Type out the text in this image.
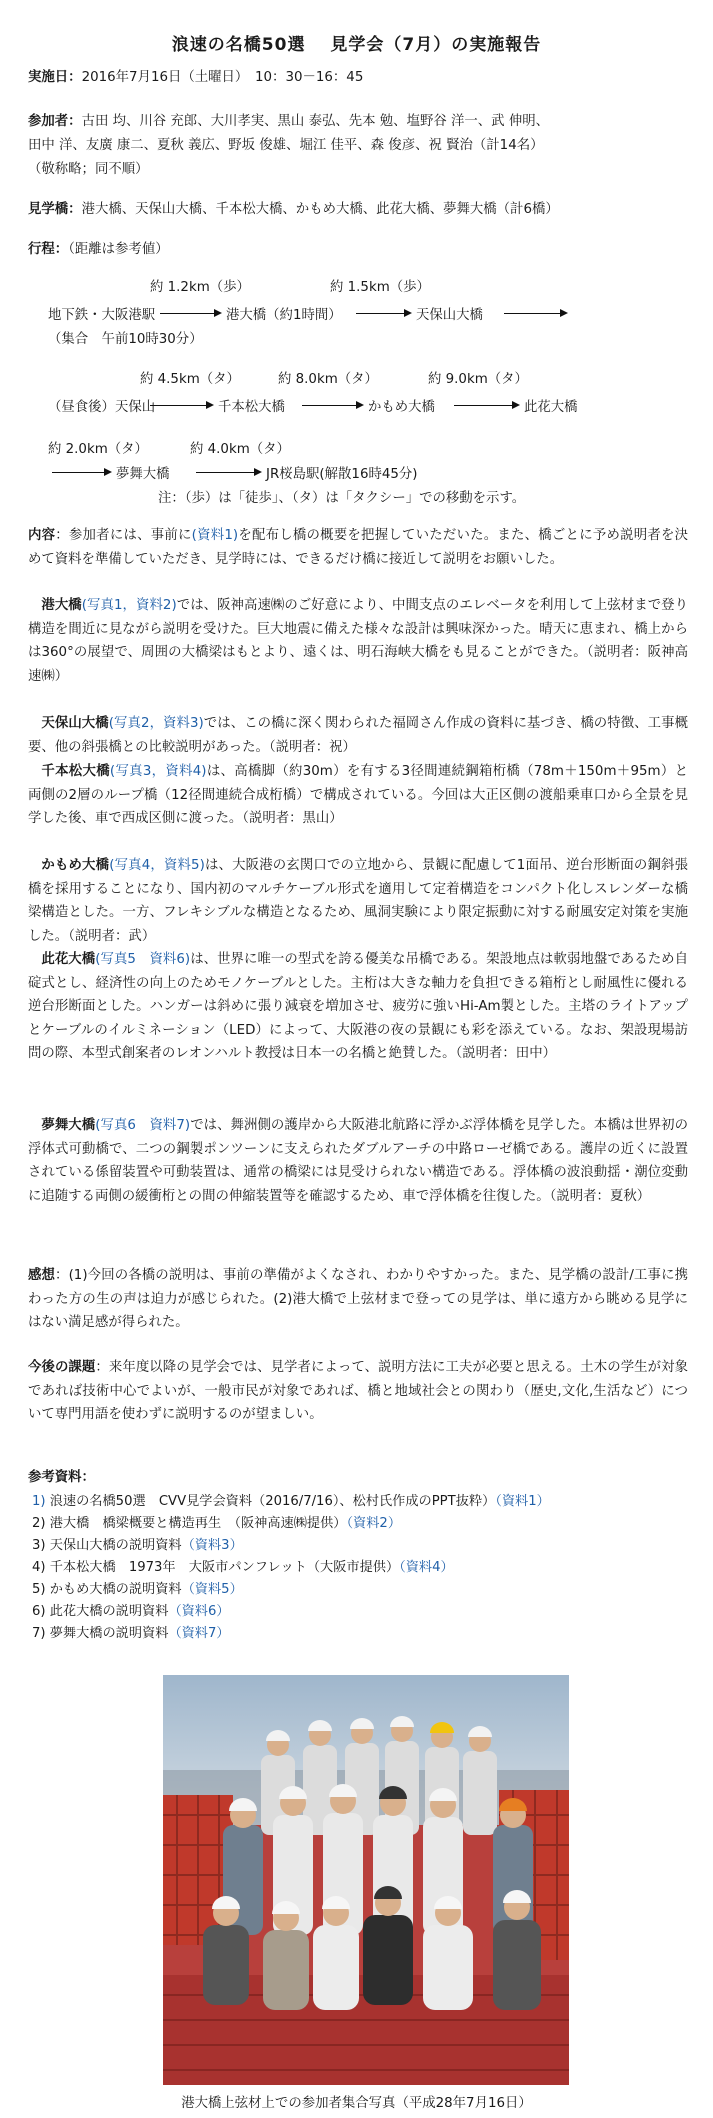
浪速の名橋50選　 見学会（7月）の実施報告
実施日：2016年7月16日（土曜日）　10：30－16：45
参加者：古田 均、川谷 充郎、大川孝実、黒山 泰弘、先本 勉、塩野谷 洋一、武 伸明、
田中 洋、友廣 康二、夏秋 義広、野坂 俊雄、堀江 佳平、森 俊彦、祝 賢治（計14名）
（敬称略；同不順）
見学橋：港大橋、天保山大橋、千本松大橋、かもめ大橋、此花大橋、夢舞大橋（計6橋）
行程：（距離は参考値）
約 1.2km（歩）	約 1.5km（歩）
地下鉄・大阪港駅	港大橋（約1時間）	天保山大橋
（集合　午前10時30分）
約 4.5km（タ）	約 8.0km（タ）	約 9.0km（タ）
（昼食後）天保山	千本松大橋	かもめ大橋	此花大橋
約 2.0km（タ）	約 4.0km（タ）
夢舞大橋	JR桜島駅(解散16時45分)
注：（歩）は「徒歩」、（タ）は「タクシー」での移動を示す。
内容：参加者には、事前に(資料1)を配布し橋の概要を把握していただいた。また、橋ごとに予め説明者を決めて資料を準備していただき、見学時には、できるだけ橋に接近して説明をお願いした。
港大橋(写真1，資料2)では、阪神高速㈱のご好意により、中間支点のエレベータを利用して上弦材まで登り構造を間近に見ながら説明を受けた。巨大地震に備えた様々な設計は興味深かった。晴天に恵まれ、橋上からは360°の展望で、周囲の大橋梁はもとより、遠くは、明石海峡大橋をも見ることができた。（説明者：阪神高速㈱）
天保山大橋(写真2，資料3)では、この橋に深く関わられた福岡さん作成の資料に基づき、橋の特徴、工事概要、他の斜張橋との比較説明があった。（説明者：祝）
千本松大橋(写真3，資料4)は、高橋脚（約30m）を有する3径間連続鋼箱桁橋（78m＋150m＋95m）と両側の2層のループ橋（12径間連続合成桁橋）で構成されている。今回は大正区側の渡船乗車口から全景を見学した後、車で西成区側に渡った。（説明者：黒山）
かもめ大橋(写真4，資料5)は、大阪港の玄関口での立地から、景観に配慮して1面吊、逆台形断面の鋼斜張橋を採用することになり、国内初のマルチケーブル形式を適用して定着構造をコンパクト化しスレンダーな橋梁構造とした。一方、フレキシブルな構造となるため、風洞実験により限定振動に対する耐風安定対策を実施した。（説明者：武）
此花大橋(写真5　資料6)は、世界に唯一の型式を誇る優美な吊橋である。架設地点は軟弱地盤であるため自碇式とし、経済性の向上のためモノケーブルとした。主桁は大きな軸力を負担できる箱桁とし耐風性に優れる逆台形断面とした。ハンガーは斜めに張り減衰を増加させ、疲労に強いHi-Am製とした。主塔のライトアップとケーブルのイルミネーション（LED）によって、大阪港の夜の景観にも彩を添えている。なお、架設現場訪問の際、本型式創案者のレオンハルト教授は日本一の名橋と絶賛した。（説明者：田中）
夢舞大橋(写真6　資料7)では、舞洲側の護岸から大阪港北航路に浮かぶ浮体橋を見学した。本橋は世界初の浮体式可動橋で、二つの鋼製ポンツーンに支えられたダブルアーチの中路ローゼ橋である。護岸の近くに設置されている係留装置や可動装置は、通常の橋梁には見受けられない構造である。浮体橋の波浪動揺・潮位変動に追随する両側の緩衝桁との間の伸縮装置等を確認するため、車で浮体橋を往復した。（説明者：夏秋）
感想：(1)今回の各橋の説明は、事前の準備がよくなされ、わかりやすかった。また、見学橋の設計/工事に携わった方の生の声は迫力が感じられた。(2)港大橋で上弦材まで登っての見学は、単に遠方から眺める見学にはない満足感が得られた。
今後の課題：来年度以降の見学会では、見学者によって、説明方法に工夫が必要と思える。土木の学生が対象であれば技術中心でよいが、一般市民が対象であれば、橋と地域社会との関わり（歴史,文化,生活など）について専門用語を使わずに説明するのが望ましい。
参考資料：
1) 浪速の名橋50選　CVV見学会資料（2016/7/16）、松村氏作成のPPT抜粋）（資料1）
2) 港大橋　橋梁概要と構造再生　（阪神高速㈱提供）（資料2）
3) 天保山大橋の説明資料（資料3）
4) 千本松大橋　1973年　大阪市パンフレット（大阪市提供）（資料4）
5) かもめ大橋の説明資料（資料5）
6) 此花大橋の説明資料（資料6）
7) 夢舞大橋の説明資料（資料7）
港大橋上弦材上での参加者集合写真（平成28年7月16日）
